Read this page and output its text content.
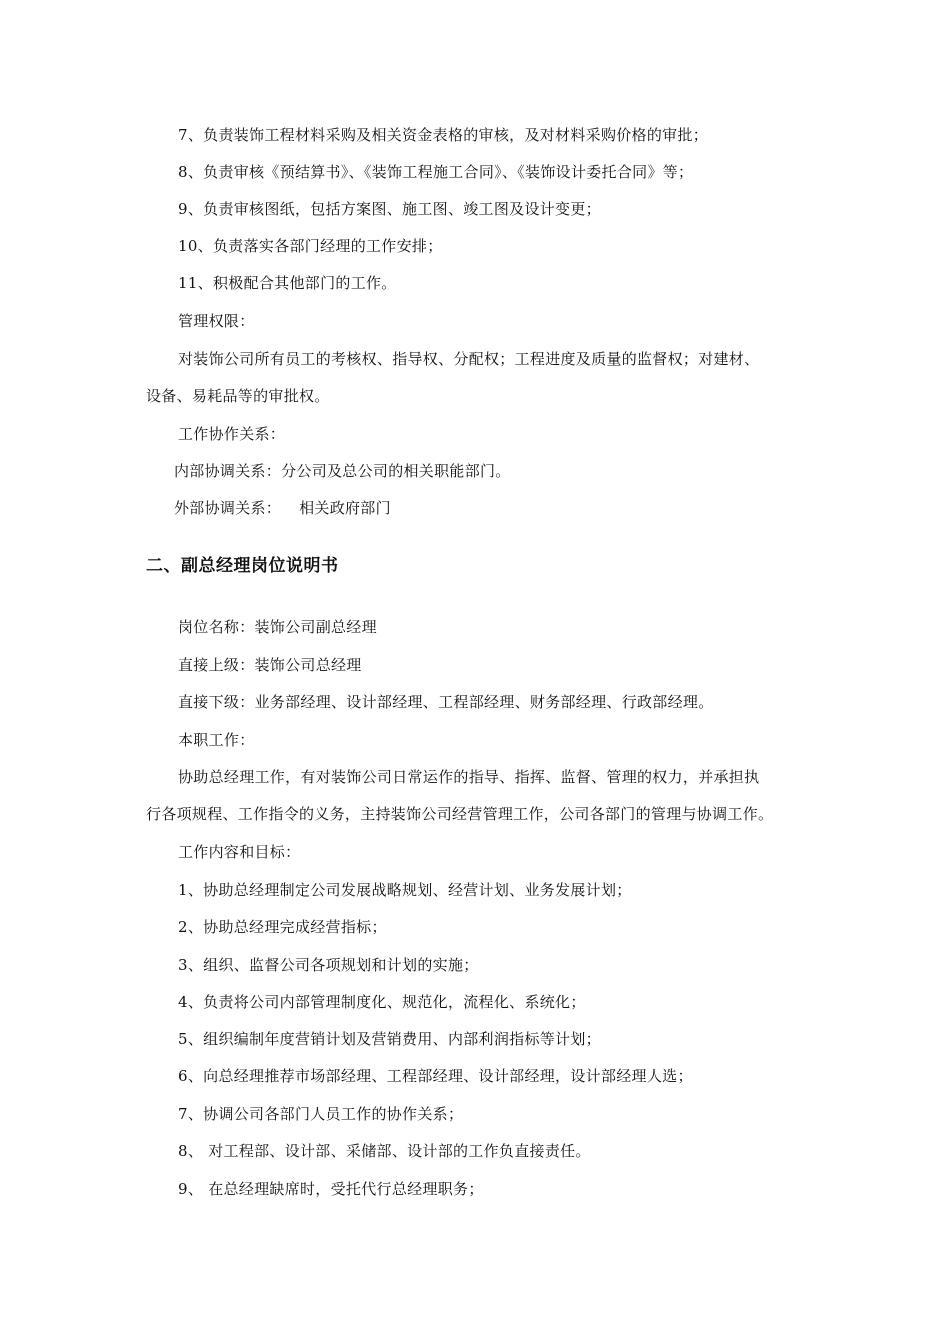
7、负责装饰工程材料采购及相关资金表格的审核，及对材料采购价格的审批；
8、负责审核《预结算书》、《装饰工程施工合同》、《装饰设计委托合同》等；
9、负责审核图纸，包括方案图、施工图、竣工图及设计变更；
10、负责落实各部门经理的工作安排；
11、积极配合其他部门的工作。
管理权限：
对装饰公司所有员工的考核权、指导权、分配权；工程进度及质量的监督权；对建材、
设备、易耗品等的审批权。
工作协作关系：
内部协调关系：分公司及总公司的相关职能部门。
外部协调关系： 相关政府部门
二、副总经理岗位说明书
岗位名称：装饰公司副总经理
直接上级：装饰公司总经理
直接下级：业务部经理、设计部经理、工程部经理、财务部经理、行政部经理。
本职工作：
协助总经理工作，有对装饰公司日常运作的指导、指挥、监督、管理的权力，并承担执
行各项规程、工作指令的义务，主持装饰公司经营管理工作，公司各部门的管理与协调工作。
工作内容和目标：
1、协助总经理制定公司发展战略规划、经营计划、业务发展计划；
2、协助总经理完成经营指标；
3、组织、监督公司各项规划和计划的实施；
4、负责将公司内部管理制度化、规范化，流程化、系统化；
5、组织编制年度营销计划及营销费用、内部利润指标等计划；
6、向总经理推荐市场部经理、工程部经理、设计部经理，设计部经理人选；
7、协调公司各部门人员工作的协作关系；
8、 对工程部、设计部、采储部、设计部的工作负直接责任。
9、 在总经理缺席时，受托代行总经理职务；
